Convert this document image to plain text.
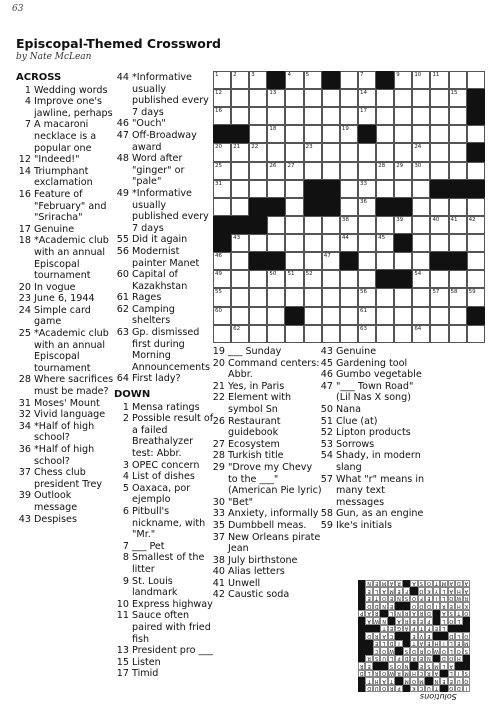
63
Episcopal-Themed Crossword
by Nate McLean
ACROSS
1 Wedding words
4 Improve one's jawline, perhaps
7 A macaroni necklace is a popular one
12 "Indeed!"
14 Triumphant exclamation
16 Feature of "February" and "Sriracha"
17 Genuine
18 *Academic club with an annual Episcopal tournament
20 In vogue
23 June 6, 1944
24 Simple card game
25 *Academic club with an annual Episcopal tournament
28 Where sacrifices must be made?
31 Moses' Mount
32 Vivid language
34 *Half of high school?
36 *Half of high school?
37 Chess club president Trey
39 Outlook message
43 Despises
44 *Informative usually published every 7 days
46 "Ouch"
47 Off-Broadway award
48 Word after "ginger" or "pale"
49 *Informative usually published every 7 days
55 Did it again
56 Modernist painter Manet
60 Capital of Kazakhstan
61 Rages
62 Camping shelters
63 Gp. dismissed first during Morning Announcements
64 First lady?
DOWN
1 Mensa ratings
2 Possible result of a failed Breathalyzer test: Abbr.
3 OPEC concern
4 List of dishes
5 Oaxaca, por ejemplo
6 Pitbull's nickname, with "Mr."
7 ___ Pet
8 Smallest of the litter
9 St. Louis landmark
10 Express highway
11 Sauce often paired with fried fish
13 President pro ___
15 Listen
17 Timid
19 ___ Sunday
20 Command centers: Abbr.
21 Yes, in Paris
22 Element with symbol Sn
26 Restaurant guidebook
27 Ecosystem
28 Turkish title
29 "Drove my Chevy to the ___" (American Pie lyric)
30 "Bet"
33 Anxiety, informally
35 Dumbbell meas.
37 New Orleans pirate Jean
38 July birthstone
40 Alias letters
41 Unwell
42 Caustic soda
43 Genuine
45 Gardening tool
46 Gumbo vegetable
47 "___ Town Road" (Lil Nas X song)
50 Nana
51 Clue (at)
52 Lipton products
53 Sorrows
54 Shady, in modern slang
57 What "r" means in many text messages
58 Gun, as an engine
59 Ike's initials
1	2	3	4	5	7	9	10 11
12	13	14	15
16	17
18	19
20 21 22	23	24
25	26 27	28 29 30
31	33
36
38	39	40 41 42
43	44	45
46	47
49	50 51 52	54
55	56	57 58 59
60	61
62	63	64
I
D
O
T
U
C
K
P
R
O
U
D
Q
U
E
E
N
M
O
M
T
A
H
T
S
I
L
A
R
C
H
M
R
W
O
R
L
D
A
L
M
S
E
N
O
S
E
R
H
O
D
N
E
R
D
P
L
U
S
R
S
O
L
O
W
O
R
D
S
W
O
C
M
E
L
I
H
E
A
T
I
D
L
E
O
L
D
E
V
E
C
A
R
D
L
E
F
T
P
A
G
E
T
L
O
L
P
E
B
R
A
N
W
A
O
T
S
A
D
R
A
R
N
L
R
A
P
K
H
E
R
I
D
O
O
E
N
D
D
R
W
O
L
I
E
F
O
S
N
E
O
T
E
A
H
A
L
Y
K
O
F
E
M
A
L
E
A
D
A
M
T
O
S
A
R
A
M
E
N
Solutions
